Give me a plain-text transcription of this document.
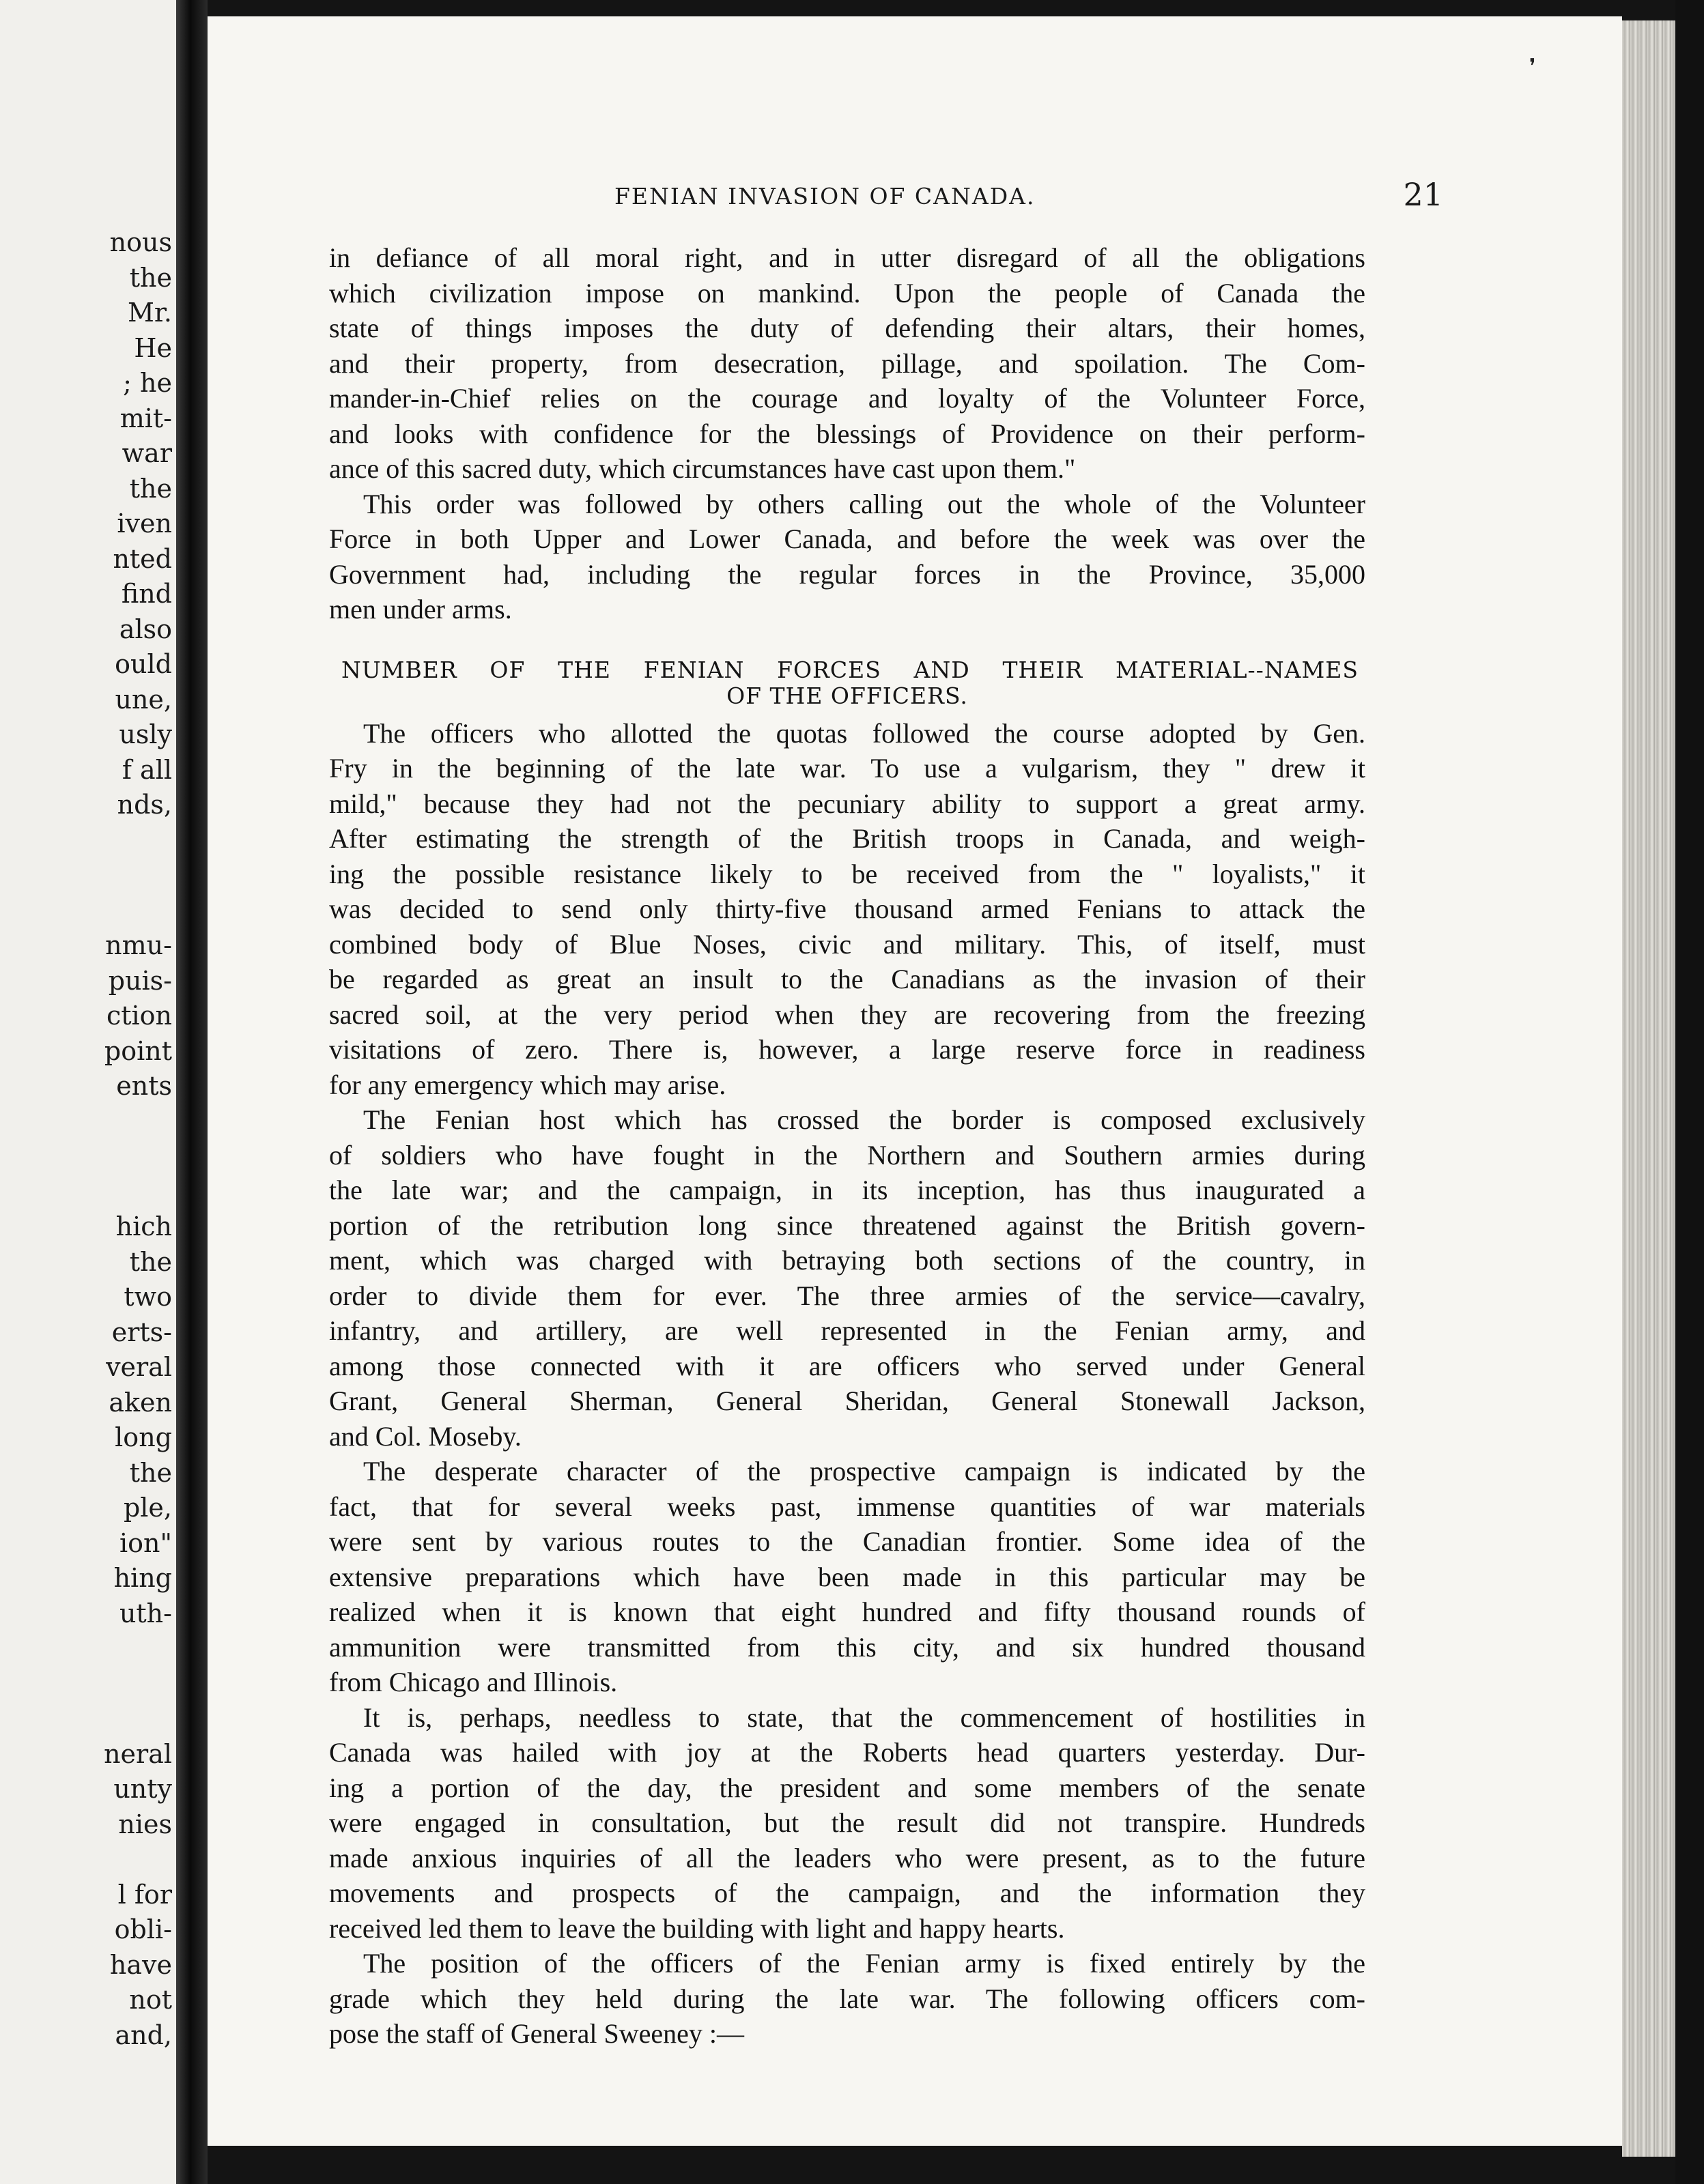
nous
the
Mr.
He
; he
mit-
war
the
iven
nted
find
also
ould
une,
usly
f all
nds,
nmu-
puis-
ction
point
ents
hich
the
two
erts-
veral
aken
long
the
ple,
ion"
hing
uth-
neral
unty
nies
l for
obli-
have
not
and,
❜
FENIAN INVASION OF CANADA.	21

in defiance of all moral right, and in utter disregard of all the obligations
which civilization impose on mankind. Upon the people of Canada the
state of things imposes the duty of defending their altars, their homes,
and their property, from desecration, pillage, and spoilation. The Com-
mander-in-Chief relies on the courage and loyalty of the Volunteer Force,
and looks with confidence for the blessings of Providence on their perform-
ance of this sacred duty, which circumstances have cast upon them."

This order was followed by others calling out the whole of the Volunteer
Force in both Upper and Lower Canada, and before the week was over the
Government had, including the regular forces in the Province, 35,000
men under arms.

NUMBER OF THE FENIAN FORCES AND THEIR MATERIAL--NAMES
OF THE OFFICERS.

The officers who allotted the quotas followed the course adopted by Gen.
Fry in the beginning of the late war. To use a vulgarism, they " drew it
mild," because they had not the pecuniary ability to support a great army.
After estimating the strength of the British troops in Canada, and weigh-
ing the possible resistance likely to be received from the " loyalists," it
was decided to send only thirty-five thousand armed Fenians to attack the
combined body of Blue Noses, civic and military. This, of itself, must
be regarded as great an insult to the Canadians as the invasion of their
sacred soil, at the very period when they are recovering from the freezing
visitations of zero. There is, however, a large reserve force in readiness
for any emergency which may arise.

The Fenian host which has crossed the border is composed exclusively
of soldiers who have fought in the Northern and Southern armies during
the late war; and the campaign, in its inception, has thus inaugurated a
portion of the retribution long since threatened against the British govern-
ment, which was charged with betraying both sections of the country, in
order to divide them for ever. The three armies of the service—cavalry,
infantry, and artillery, are well represented in the Fenian army, and
among those connected with it are officers who served under General
Grant, General Sherman, General Sheridan, General Stonewall Jackson,
and Col. Moseby.

The desperate character of the prospective campaign is indicated by the
fact, that for several weeks past, immense quantities of war materials
were sent by various routes to the Canadian frontier. Some idea of the
extensive preparations which have been made in this particular may be
realized when it is known that eight hundred and fifty thousand rounds of
ammunition were transmitted from this city, and six hundred thousand
from Chicago and Illinois.

It is, perhaps, needless to state, that the commencement of hostilities in
Canada was hailed with joy at the Roberts head quarters yesterday. Dur-
ing a portion of the day, the president and some members of the senate
were engaged in consultation, but the result did not transpire. Hundreds
made anxious inquiries of all the leaders who were present, as to the future
movements and prospects of the campaign, and the information they
received led them to leave the building with light and happy hearts.

The position of the officers of the Fenian army is fixed entirely by the
grade which they held during the late war. The following officers com-
pose the staff of General Sweeney :—
